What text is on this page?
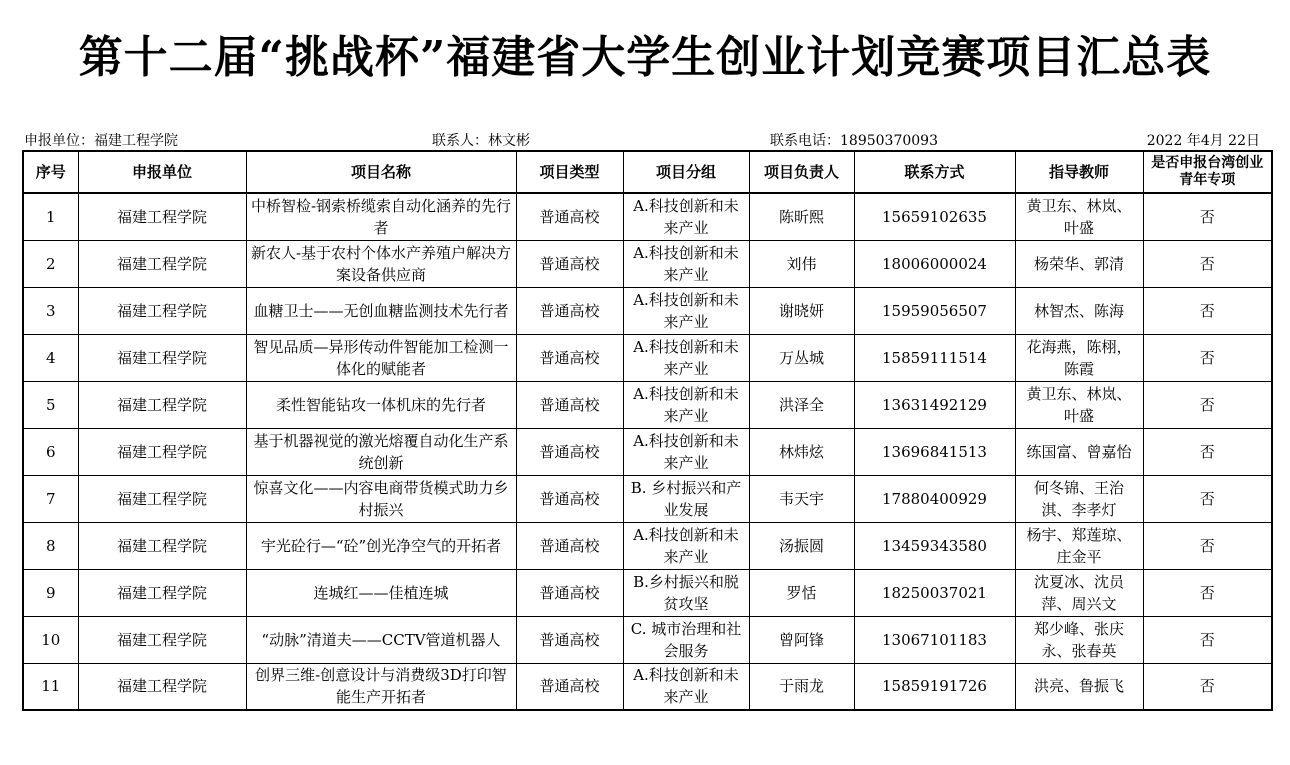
第十二届“挑战杯”福建省大学生创业计划竞赛项目汇总表
申报单位：福建工程学院	联系人：林文彬	联系电话：18950370093	2022 年4月 22日
序号	申报单位	项目名称	项目类型	项目分组	项目负责人	联系方式	指导教师	是否申报台湾创业青年专项
1	福建工程学院	中桥智检-钢索桥缆索自动化涵养的先行者	普通高校	A.科技创新和未来产业	陈昕熙	15659102635	黄卫东、林岚、叶盛	否
2	福建工程学院	新农人-基于农村个体水产养殖户解决方案设备供应商	普通高校	A.科技创新和未来产业	刘伟	18006000024	杨荣华、郭清	否
3	福建工程学院	血糖卫士——无创血糖监测技术先行者	普通高校	A.科技创新和未来产业	谢晓妍	15959056507	林智杰、陈海	否
4	福建工程学院	智见品质—异形传动件智能加工检测一体化的赋能者	普通高校	A.科技创新和未来产业	万丛城	15859111514	花海燕，陈栩，陈霞	否
5	福建工程学院	柔性智能钻攻一体机床的先行者	普通高校	A.科技创新和未来产业	洪泽全	13631492129	黄卫东、林岚、叶盛	否
6	福建工程学院	基于机器视觉的激光熔覆自动化生产系统创新	普通高校	A.科技创新和未来产业	林炜炫	13696841513	练国富、曾嘉怡	否
7	福建工程学院	惊喜文化——内容电商带货模式助力乡村振兴	普通高校	B. 乡村振兴和产业发展	韦天宇	17880400929	何冬锦、王治淇、李孝灯	否
8	福建工程学院	宇光砼行—“砼”创光净空气的开拓者	普通高校	A.科技创新和未来产业	汤振圆	13459343580	杨宇、郑莲琼、庄金平	否
9	福建工程学院	连城红——佳植连城	普通高校	B.乡村振兴和脱贫攻坚	罗恬	18250037021	沈夏冰、沈员萍、周兴文	否
10	福建工程学院	“动脉”清道夫——CCTV管道机器人	普通高校	C. 城市治理和社会服务	曾阿锋	13067101183	郑少峰、张庆永、张春英	否
11	福建工程学院	创界三维-创意设计与消费级3D打印智能生产开拓者	普通高校	A.科技创新和未来产业	于雨龙	15859191726	洪亮、鲁振飞	否
